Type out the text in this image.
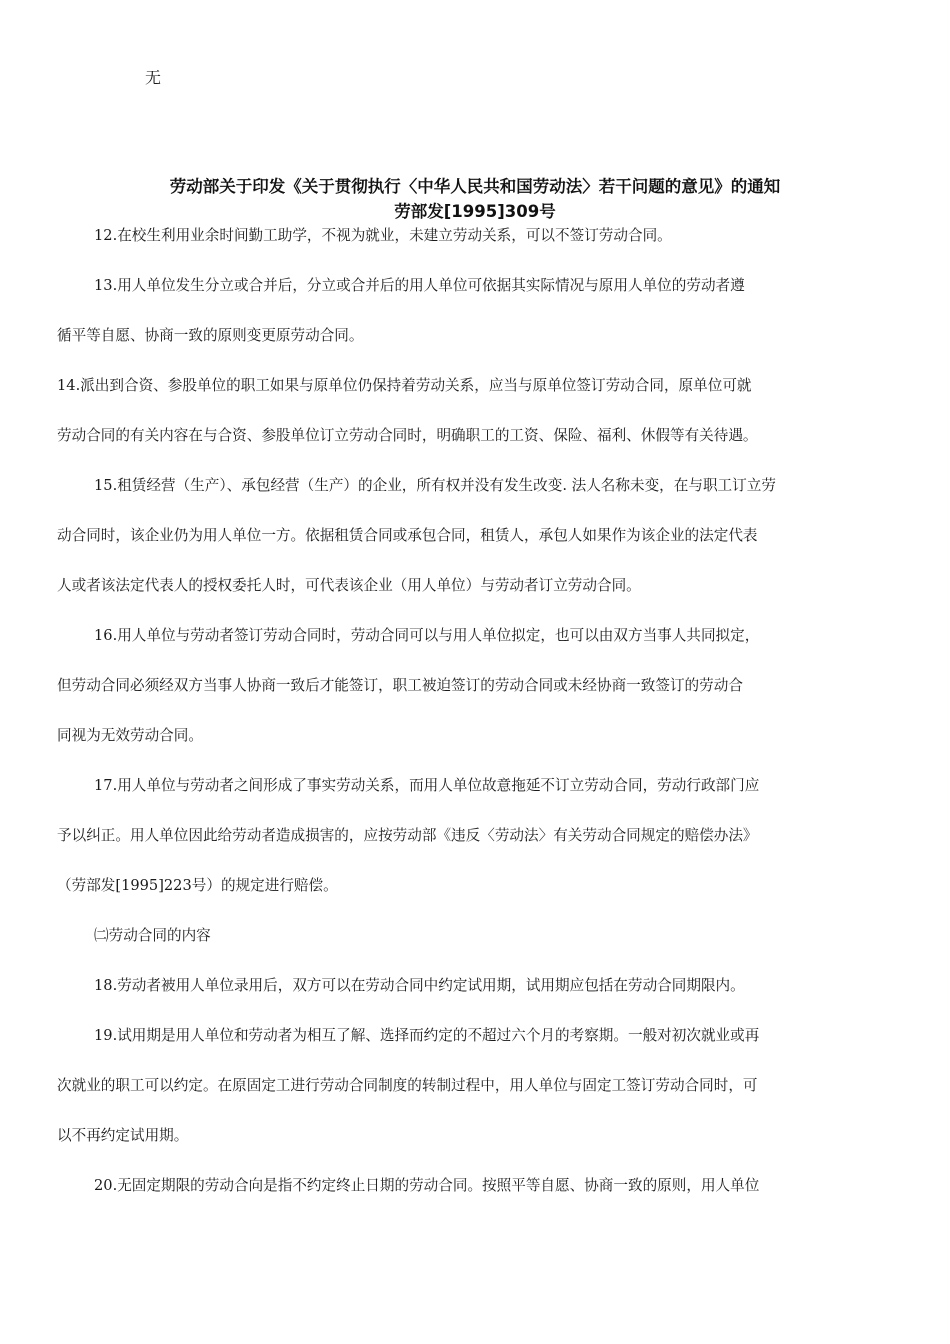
无
劳动部关于印发《关于贯彻执行〈中华人民共和国劳动法〉若干问题的意见》的通知
劳部发[1995]309号
12.在校生利用业余时间勤工助学，不视为就业，未建立劳动关系，可以不签订劳动合同。
13.用人单位发生分立或合并后，分立或合并后的用人单位可依据其实际情况与原用人单位的劳动者遵
循平等自愿、协商一致的原则变更原劳动合同。
14.派出到合资、参股单位的职工如果与原单位仍保持着劳动关系，应当与原单位签订劳动合同，原单位可就
劳动合同的有关内容在与合资、参股单位订立劳动合同时，明确职工的工资、保险、福利、休假等有关待遇。
15.租赁经营（生产）、承包经营（生产）的企业，所有权并没有发生改变. 法人名称未变，在与职工订立劳
动合同时，该企业仍为用人单位一方。依据租赁合同或承包合同，租赁人，承包人如果作为该企业的法定代表
人或者该法定代表人的授权委托人时，可代表该企业（用人单位）与劳动者订立劳动合同。
16.用人单位与劳动者签订劳动合同时，劳动合同可以与用人单位拟定，也可以由双方当事人共同拟定，
但劳动合同必须经双方当事人协商一致后才能签订，职工被迫签订的劳动合同或未经协商一致签订的劳动合
同视为无效劳动合同。
17.用人单位与劳动者之间形成了事实劳动关系，而用人单位故意拖延不订立劳动合同，劳动行政部门应
予以纠正。用人单位因此给劳动者造成损害的，应按劳动部《违反〈劳动法〉有关劳动合同规定的赔偿办法》
（劳部发[1995]223号）的规定进行赔偿。
㈡劳动合同的内容
18.劳动者被用人单位录用后，双方可以在劳动合同中约定试用期，试用期应包括在劳动合同期限内。
19.试用期是用人单位和劳动者为相互了解、选择而约定的不超过六个月的考察期。一般对初次就业或再
次就业的职工可以约定。在原固定工进行劳动合同制度的转制过程中，用人单位与固定工签订劳动合同时，可
以不再约定试用期。
20.无固定期限的劳动合向是指不约定终止日期的劳动合同。按照平等自愿、协商一致的原则，用人单位
